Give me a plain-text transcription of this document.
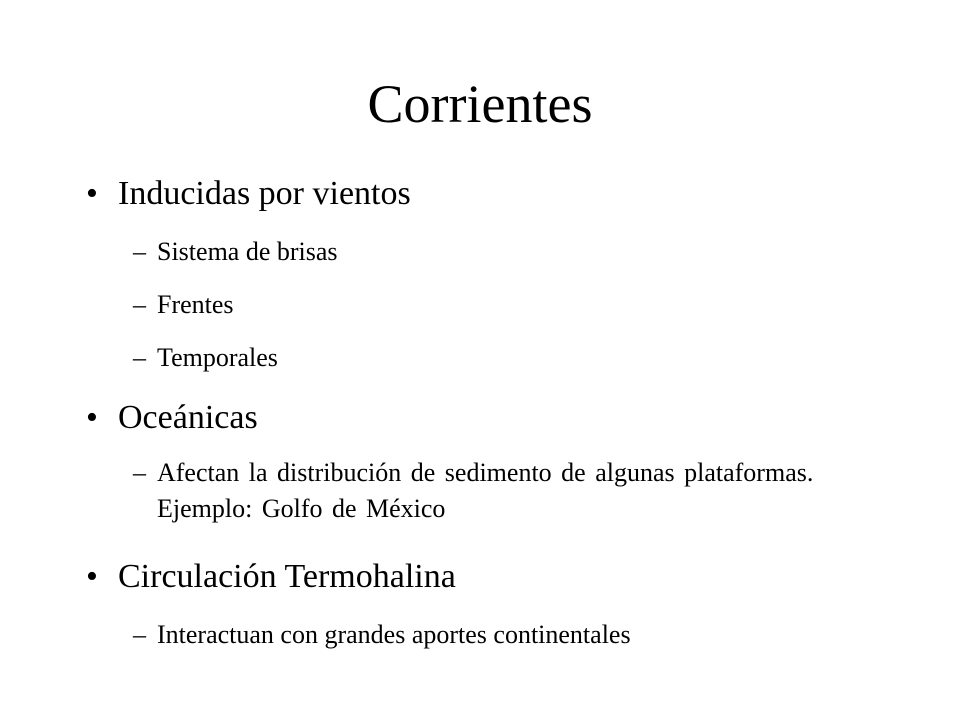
Corrientes
• Inducidas por vientos
– Sistema de brisas
– Frentes
– Temporales
• Oceánicas
– Afectan la distribución de sedimento de algunas plataformas. Ejemplo: Golfo de México
• Circulación Termohalina
– Interactuan con grandes aportes continentales
